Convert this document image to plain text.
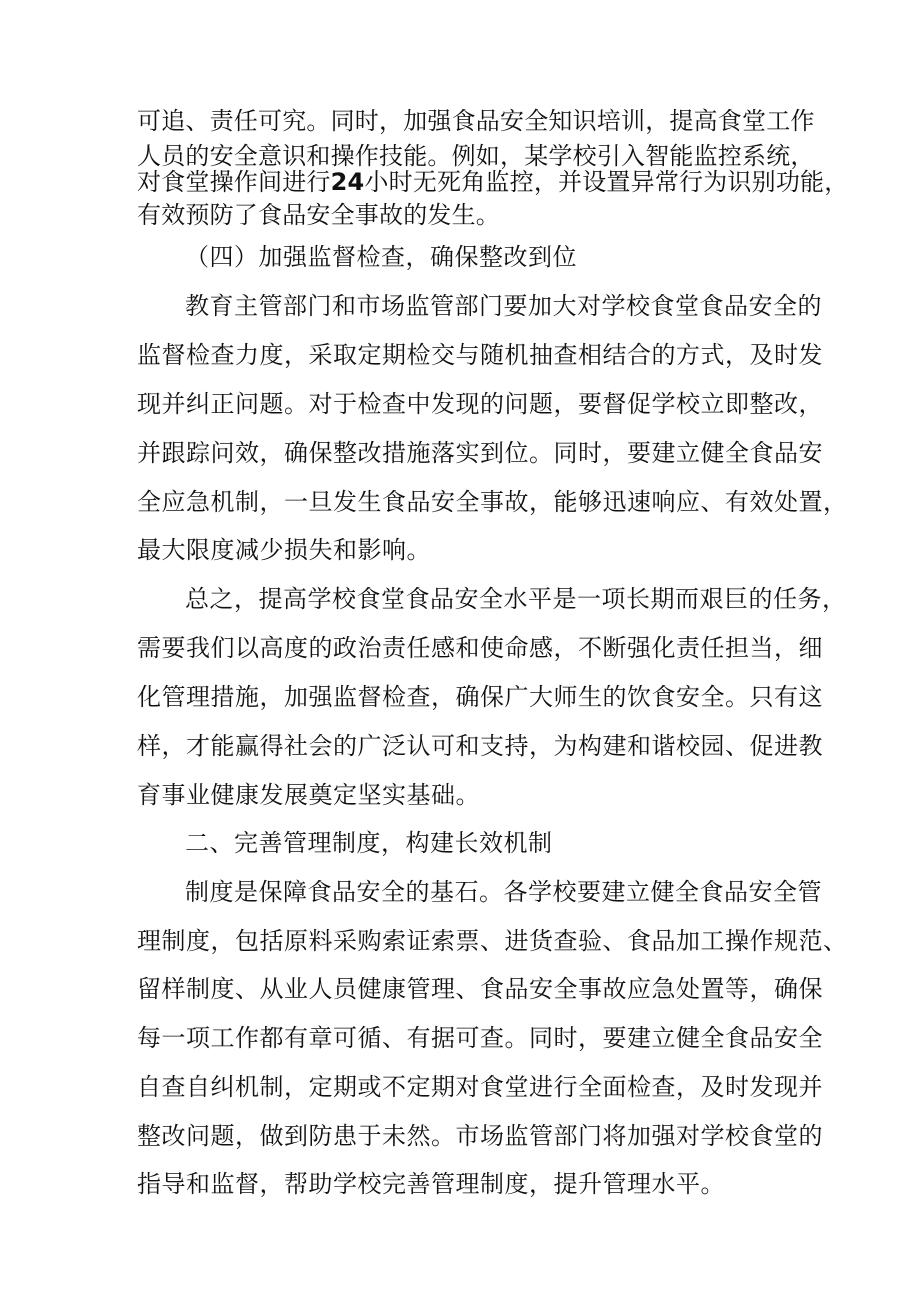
可追、责任可究。同时，加强食品安全知识培训，提高食堂工作
人员的安全意识和操作技能。例如，某学校引入智能监控系统，
对食堂操作间进行24小时无死角监控，并设置异常行为识别功能，
有效预防了食品安全事故的发生。
（四）加强监督检查，确保整改到位
教育主管部门和市场监管部门要加大对学校食堂食品安全的
监督检查力度，采取定期检交与随机抽查相结合的方式，及时发
现并纠正问题。对于检查中发现的问题，要督促学校立即整改，
并跟踪问效，确保整改措施落实到位。同时，要建立健全食品安
全应急机制，一旦发生食品安全事故，能够迅速响应、有效处置，
最大限度减少损失和影响。
总之，提高学校食堂食品安全水平是一项长期而艰巨的任务，
需要我们以高度的政治责任感和使命感，不断强化责任担当，细
化管理措施，加强监督检查，确保广大师生的饮食安全。只有这
样，才能赢得社会的广泛认可和支持，为构建和谐校园、促进教
育事业健康发展奠定坚实基础。
二、完善管理制度，构建长效机制
制度是保障食品安全的基石。各学校要建立健全食品安全管
理制度，包括原料采购索证索票、进货查验、食品加工操作规范、
留样制度、从业人员健康管理、食品安全事故应急处置等，确保
每一项工作都有章可循、有据可查。同时，要建立健全食品安全
自查自纠机制，定期或不定期对食堂进行全面检查，及时发现并
整改问题，做到防患于未然。市场监管部门将加强对学校食堂的
指导和监督，帮助学校完善管理制度，提升管理水平。
